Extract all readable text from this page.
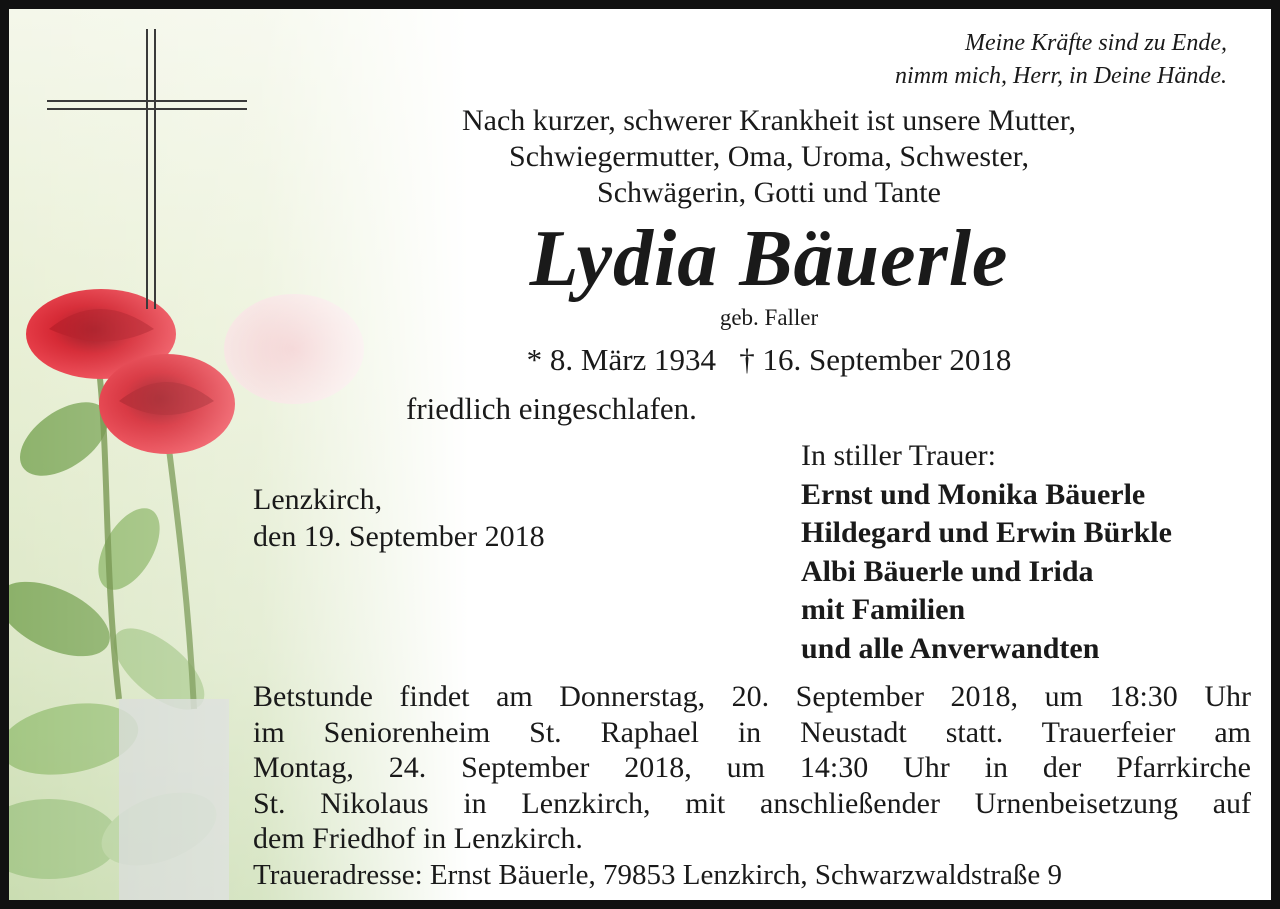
Meine Kräfte sind zu Ende,
nimm mich, Herr, in Deine Hände.
Nach kurzer, schwerer Krankheit ist unsere Mutter,
Schwiegermutter, Oma, Uroma, Schwester,
Schwägerin, Gotti und Tante
Lydia Bäuerle
geb. Faller
* 8. März 1934   † 16. September 2018
friedlich eingeschlafen.
Lenzkirch,
den 19. September 2018
In stiller Trauer:
Ernst und Monika Bäuerle
Hildegard und Erwin Bürkle
Albi Bäuerle und Irida
mit Familien
und alle Anverwandten
Betstunde findet am Donnerstag, 20. September 2018, um 18:30 Uhr
im Seniorenheim St. Raphael in Neustadt statt. Trauerfeier am
Montag, 24. September 2018, um 14:30 Uhr in der Pfarrkirche
St. Nikolaus in Lenzkirch, mit anschließender Urnenbeisetzung auf
dem Friedhof in Lenzkirch.
Traueradresse: Ernst Bäuerle, 79853 Lenzkirch, Schwarzwaldstraße 9
